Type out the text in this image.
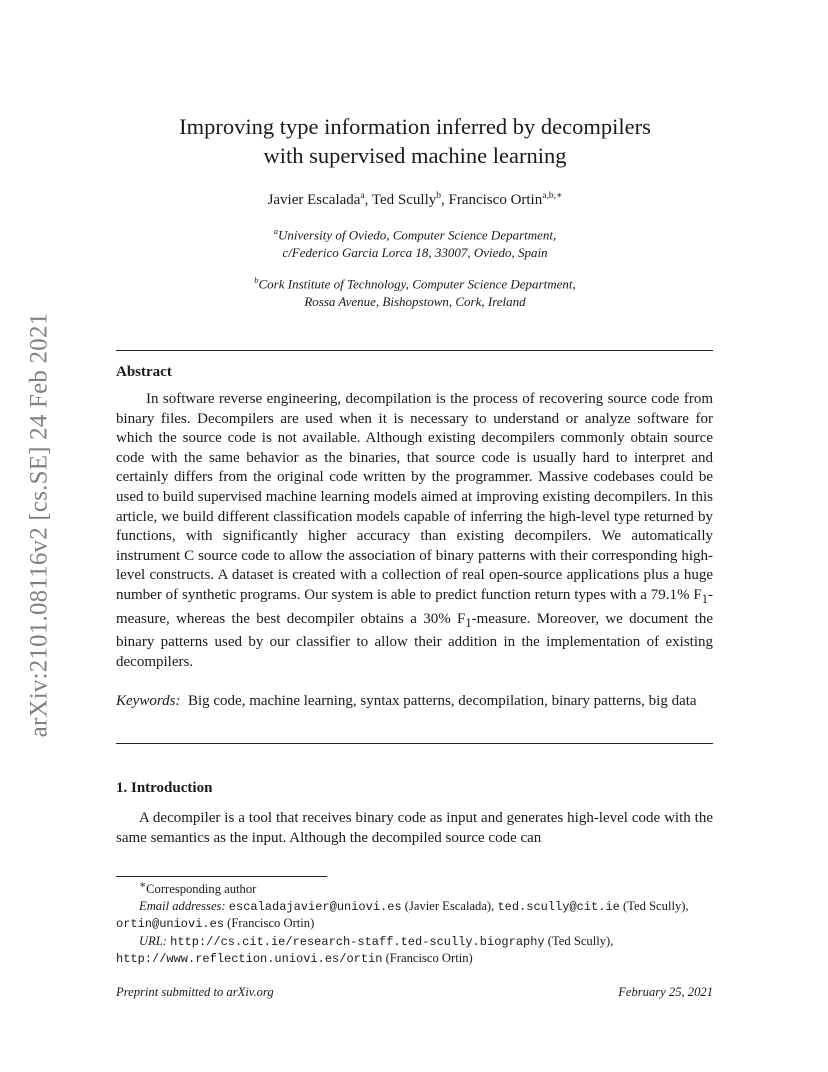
arXiv:2101.08116v2 [cs.SE] 24 Feb 2021
Improving type information inferred by decompilers
with supervised machine learning
Javier Escalada$^a$, Ted Scully$^b$, Francisco Ortin$^{a,b,∗}$
$^a$University of Oviedo, Computer Science Department,
c/Federico Garcia Lorca 18, 33007, Oviedo, Spain
$^b$Cork Institute of Technology, Computer Science Department,
Rossa Avenue, Bishopstown, Cork, Ireland
Abstract

In software reverse engineering, decompilation is the process of recovering source code from binary files. Decompilers are used when it is necessary to understand or analyze software for which the source code is not available. Although existing decompilers commonly obtain source code with the same behavior as the binaries, that source code is usually hard to interpret and certainly differs from the original code written by the programmer. Massive codebases could be used to build supervised machine learning models aimed at improving existing decompilers. In this article, we build different classification models capable of inferring the high-level type returned by functions, with significantly higher accuracy than existing decompilers. We automatically instrument C source code to allow the association of binary patterns with their corresponding high-level constructs. A dataset is created with a collection of real open-source applications plus a huge number of synthetic programs. Our system is able to predict function return types with a 79.1% $F_1$-measure, whereas the best decompiler obtains a 30% $F_1$-measure. Moreover, we document the binary patterns used by our classifier to allow their addition in the implementation of existing decompilers.

Keywords: Big code, machine learning, syntax patterns, decompilation, binary patterns, big data

1. Introduction

A decompiler is a tool that receives binary code as input and generates high-level code with the same semantics as the input. Although the decompiled source code can

∗Corresponding author

Email addresses: escaladajavier@uniovi.es (Javier Escalada), ted.scully@cit.ie (Ted Scully), ortin@uniovi.es (Francisco Ortin)

URL: http://cs.cit.ie/research-staff.ted-scully.biography (Ted Scully), http://www.reflection.uniovi.es/ortin (Francisco Ortin)

Preprint submitted to arXiv.org	February 25, 2021
